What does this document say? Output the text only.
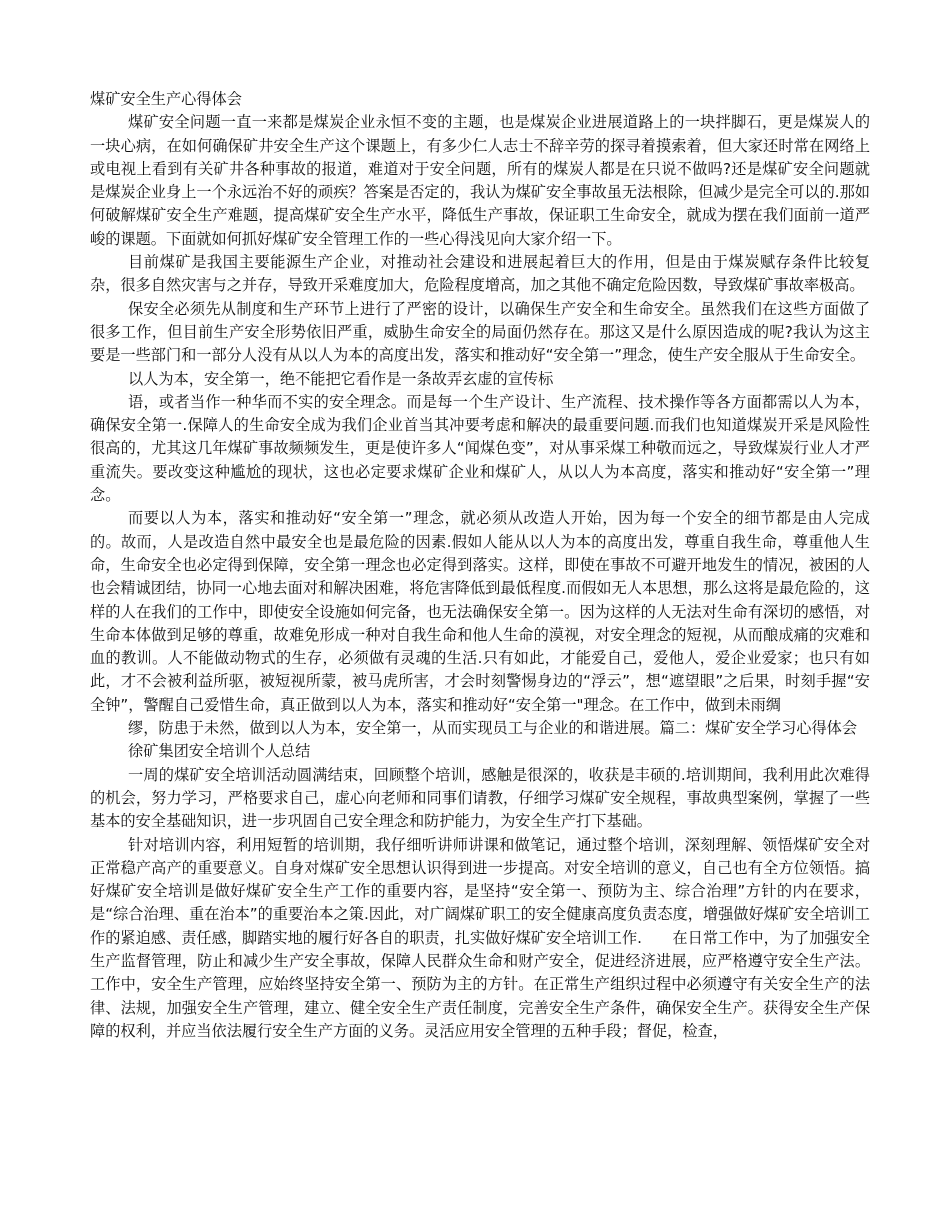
煤矿安全生产心得体会

煤矿安全问题一直一来都是煤炭企业永恒不变的主题，也是煤炭企业进展道路上的一块拌脚石，更是煤炭人的一块心病，在如何确保矿井安全生产这个课题上，有多少仁人志士不辞辛劳的探寻着摸索着，但大家还时常在网络上或电视上看到有关矿井各种事故的报道，难道对于安全问题，所有的煤炭人都是在只说不做吗?还是煤矿安全问题就是煤炭企业身上一个永远治不好的顽疾？答案是否定的，我认为煤矿安全事故虽无法根除，但减少是完全可以的.那如何破解煤矿安全生产难题，提高煤矿安全生产水平，降低生产事故，保证职工生命安全，就成为摆在我们面前一道严峻的课题。下面就如何抓好煤矿安全管理工作的一些心得浅见向大家介绍一下。

目前煤矿是我国主要能源生产企业，对推动社会建设和进展起着巨大的作用，但是由于煤炭赋存条件比较复杂，很多自然灾害与之并存，导致开采难度加大，危险程度增高，加之其他不确定危险因数，导致煤矿事故率极高。

保安全必须先从制度和生产环节上进行了严密的设计，以确保生产安全和生命安全。虽然我们在这些方面做了很多工作，但目前生产安全形势依旧严重，威胁生命安全的局面仍然存在。那这又是什么原因造成的呢?我认为这主要是一些部门和一部分人没有从以人为本的高度出发，落实和推动好“安全第一”理念，使生产安全服从于生命安全。

以人为本，安全第一，绝不能把它看作是一条故弄玄虚的宣传标

语，或者当作一种华而不实的安全理念。而是每一个生产设计、生产流程、技术操作等各方面都需以人为本，确保安全第一.保障人的生命安全成为我们企业首当其冲要考虑和解决的最重要问题.而我们也知道煤炭开采是风险性很高的，尤其这几年煤矿事故频频发生，更是使许多人“闻煤色变”，对从事采煤工种敬而远之，导致煤炭行业人才严重流失。要改变这种尴尬的现状，这也必定要求煤矿企业和煤矿人，从以人为本高度，落实和推动好“安全第一”理念。

而要以人为本，落实和推动好“安全第一”理念，就必须从改造人开始，因为每一个安全的细节都是由人完成的。故而，人是改造自然中最安全也是最危险的因素.假如人能从以人为本的高度出发，尊重自我生命，尊重他人生命，生命安全也必定得到保障，安全第一理念也必定得到落实。这样，即使在事故不可避开地发生的情况，被困的人也会精诚团结，协同一心地去面对和解决困难，将危害降低到最低程度.而假如无人本思想，那么这将是最危险的，这样的人在我们的工作中，即使安全设施如何完备，也无法确保安全第一。因为这样的人无法对生命有深切的感悟，对生命本体做到足够的尊重，故难免形成一种对自我生命和他人生命的漠视，对安全理念的短视，从而酿成痛的灾难和血的教训。人不能做动物式的生存，必须做有灵魂的生活.只有如此，才能爱自己，爱他人，爱企业爱家；也只有如此，才不会被利益所驱，被短视所蒙，被马虎所害，才会时刻警惕身边的“浮云”，想“遮望眼”之后果，时刻手握“安全钟”，警醒自己爱惜生命，真正做到以人为本，落实和推动好“安全第一"理念。在工作中，做到未雨绸

缪，防患于未然，做到以人为本，安全第一，从而实现员工与企业的和谐进展。篇二：煤矿安全学习心得体会

徐矿集团安全培训个人总结

一周的煤矿安全培训活动圆满结束，回顾整个培训，感触是很深的，收获是丰硕的.培训期间，我利用此次难得的机会，努力学习，严格要求自己，虚心向老师和同事们请教，仔细学习煤矿安全规程，事故典型案例，掌握了一些基本的安全基础知识，进一步巩固自己安全理念和防护能力，为安全生产打下基础。

针对培训内容，利用短暂的培训期，我仔细听讲师讲课和做笔记，通过整个培训，深刻理解、领悟煤矿安全对正常稳产高产的重要意义。自身对煤矿安全思想认识得到进一步提高。对安全培训的意义，自己也有全方位领悟。搞好煤矿安全培训是做好煤矿安全生产工作的重要内容，是坚持“安全第一、预防为主、综合治理”方针的内在要求，是“综合治理、重在治本”的重要治本之策.因此，对广阔煤矿职工的安全健康高度负责态度，增强做好煤矿安全培训工作的紧迫感、责任感，脚踏实地的履行好各自的职责，扎实做好煤矿安全培训工作.　　在日常工作中，为了加强安全生产监督管理，防止和减少生产安全事故，保障人民群众生命和财产安全，促进经济进展，应严格遵守安全生产法。工作中，安全生产管理，应始终坚持安全第一、预防为主的方针。在正常生产组织过程中必须遵守有关安全生产的法律、法规，加强安全生产管理，建立、健全安全生产责任制度，完善安全生产条件，确保安全生产。获得安全生产保障的权利，并应当依法履行安全生产方面的义务。灵活应用安全管理的五种手段；督促，检查，
